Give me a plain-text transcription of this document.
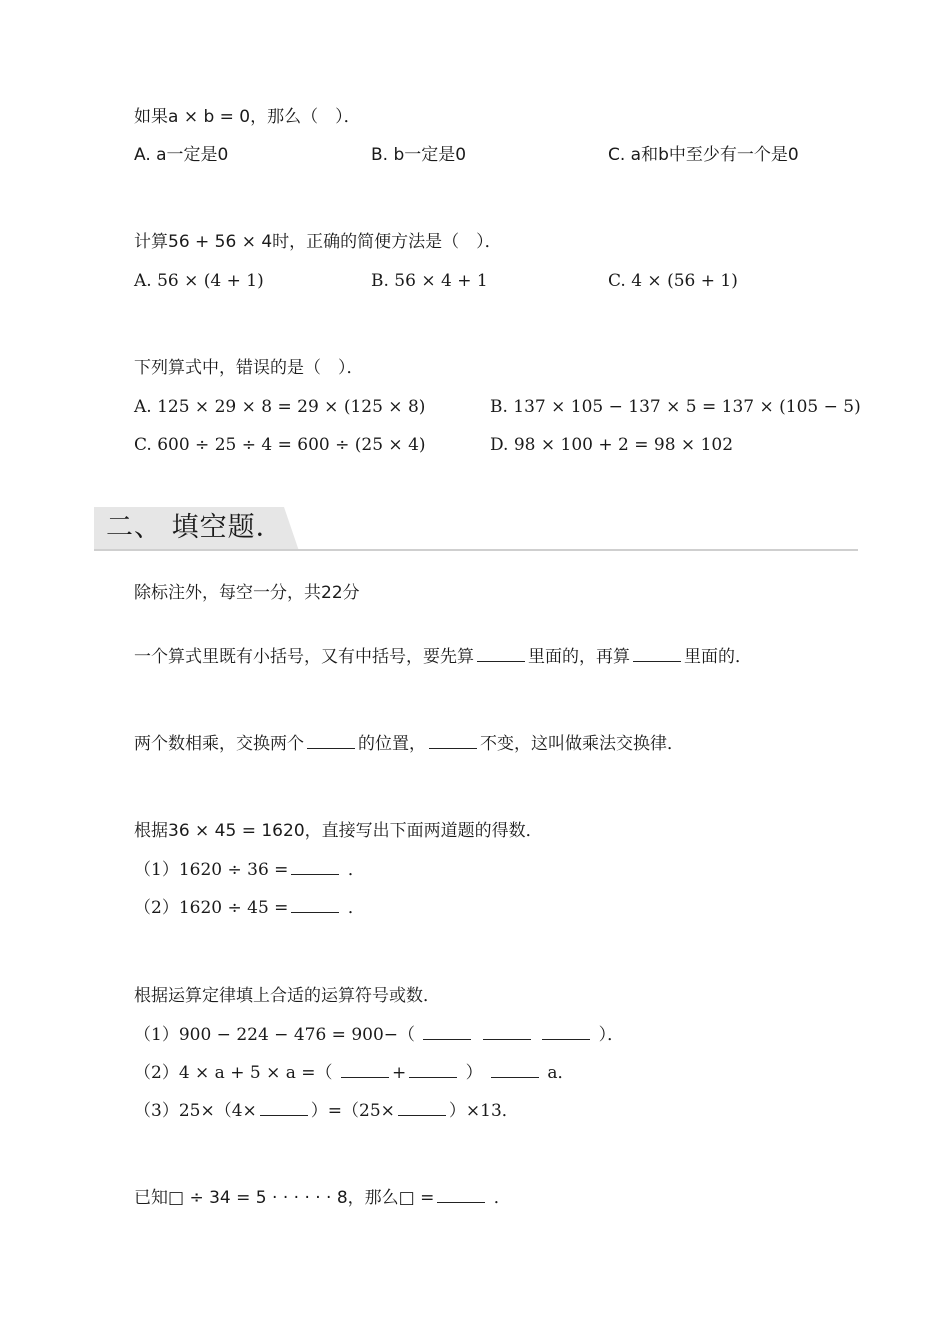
如果a × b = 0，那么（　）．
A. a一定是0	B. b一定是0	C. a和b中至少有一个是0
计算56 + 56 × 4时，正确的简便方法是（　）．
A. 56 × (4 + 1)	B. 56 × 4 + 1	C. 4 × (56 + 1)
下列算式中，错误的是（　）．
A. 125 × 29 × 8 = 29 × (125 × 8)	B. 137 × 105 − 137 × 5 = 137 × (105 − 5)
C. 600 ÷ 25 ÷ 4 = 600 ÷ (25 × 4)	D. 98 × 100 + 2 = 98 × 102
二、 填空题．
除标注外，每空一分，共22分
一个算式里既有小括号，又有中括号，要先算	里面的，再算	里面的．
两个数相乘，交换两个	的位置，	不变，这叫做乘法交换律．
根据36 × 45 = 1620，直接写出下面两道题的得数．
（1）1620 ÷ 36 =	．
（2）1620 ÷ 45 =	．
根据运算定律填上合适的运算符号或数．
（1）900 − 224 − 476 = 900−（	）．
（2）4 × a + 5 × a =（	+	）	a．
（3）25×（4×	）=（25×	）×13．
已知□ ÷ 34 = 5 · · · · · · 8，那么□ =	．
